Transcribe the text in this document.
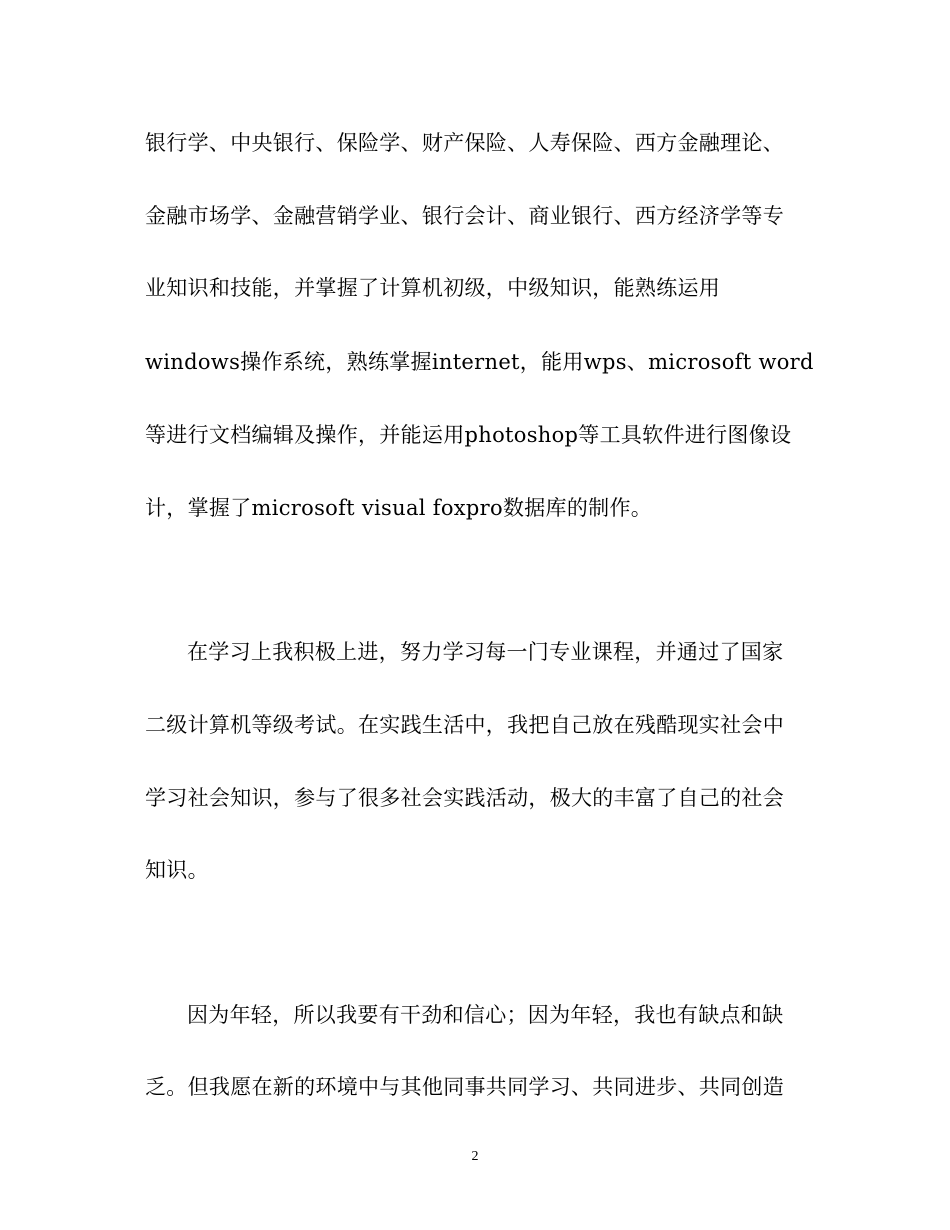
银行学、中央银行、保险学、财产保险、人寿保险、西方金融理论、
金融市场学、金融营销学业、银行会计、商业银行、西方经济学等专
业知识和技能，并掌握了计算机初级，中级知识，能熟练运用
windows操作系统，熟练掌握internet，能用wps、microsoft word
等进行文档编辑及操作，并能运用photoshop等工具软件进行图像设
计，掌握了microsoft visual foxpro数据库的制作。
在学习上我积极上进，努力学习每一门专业课程，并通过了国家
二级计算机等级考试。在实践生活中，我把自己放在残酷现实社会中
学习社会知识，参与了很多社会实践活动，极大的丰富了自己的社会
知识。
因为年轻，所以我要有干劲和信心；因为年轻，我也有缺点和缺
乏。但我愿在新的环境中与其他同事共同学习、共同进步、共同创造
2
